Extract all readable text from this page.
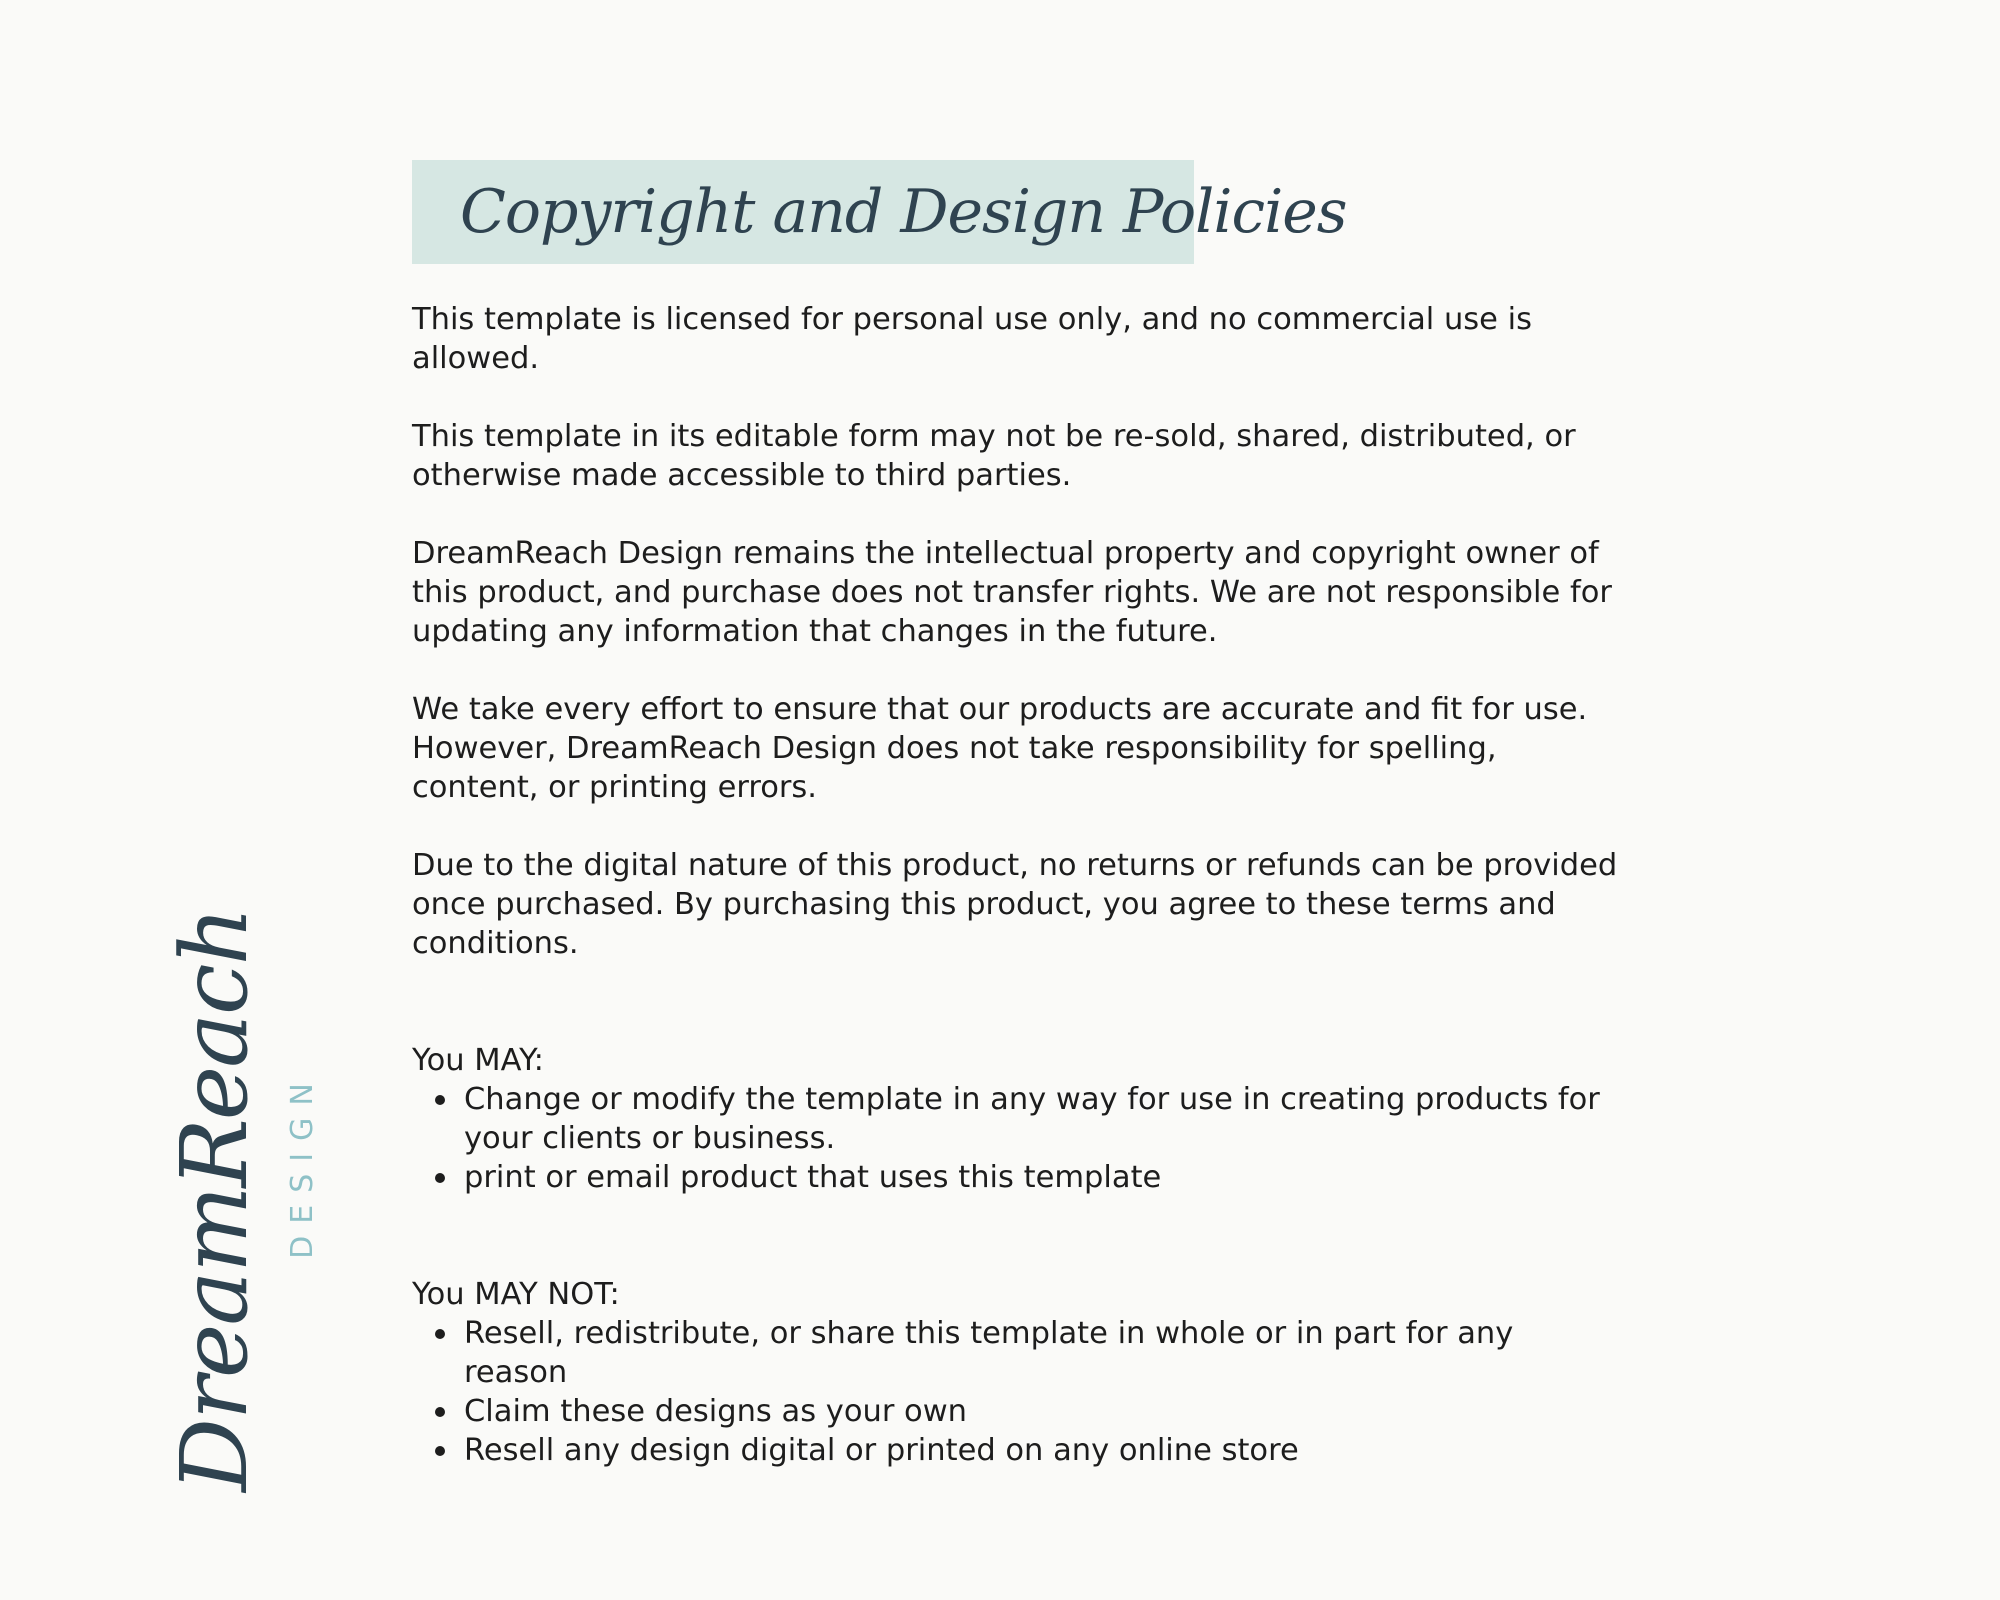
Copyright and Design Policies

This template is licensed for personal use only, and no commercial use is allowed.

This template in its editable form may not be re-sold, shared, distributed, or otherwise made accessible to third parties.

DreamReach Design remains the intellectual property and copyright owner of this product, and purchase does not transfer rights. We are not responsible for updating any information that changes in the future.

We take every effort to ensure that our products are accurate and fit for use. However, DreamReach Design does not take responsibility for spelling, content, or printing errors.

Due to the digital nature of this product, no returns or refunds can be provided once purchased. By purchasing this product, you agree to these terms and conditions.

You MAY:

Change or modify the template in any way for use in creating products for your clients or business.
print or email product that uses this template

You MAY NOT:

Resell, redistribute, or share this template in whole or in part for any reason
Claim these designs as your own
Resell any design digital or printed on any online store
DreamReach DESIGN
